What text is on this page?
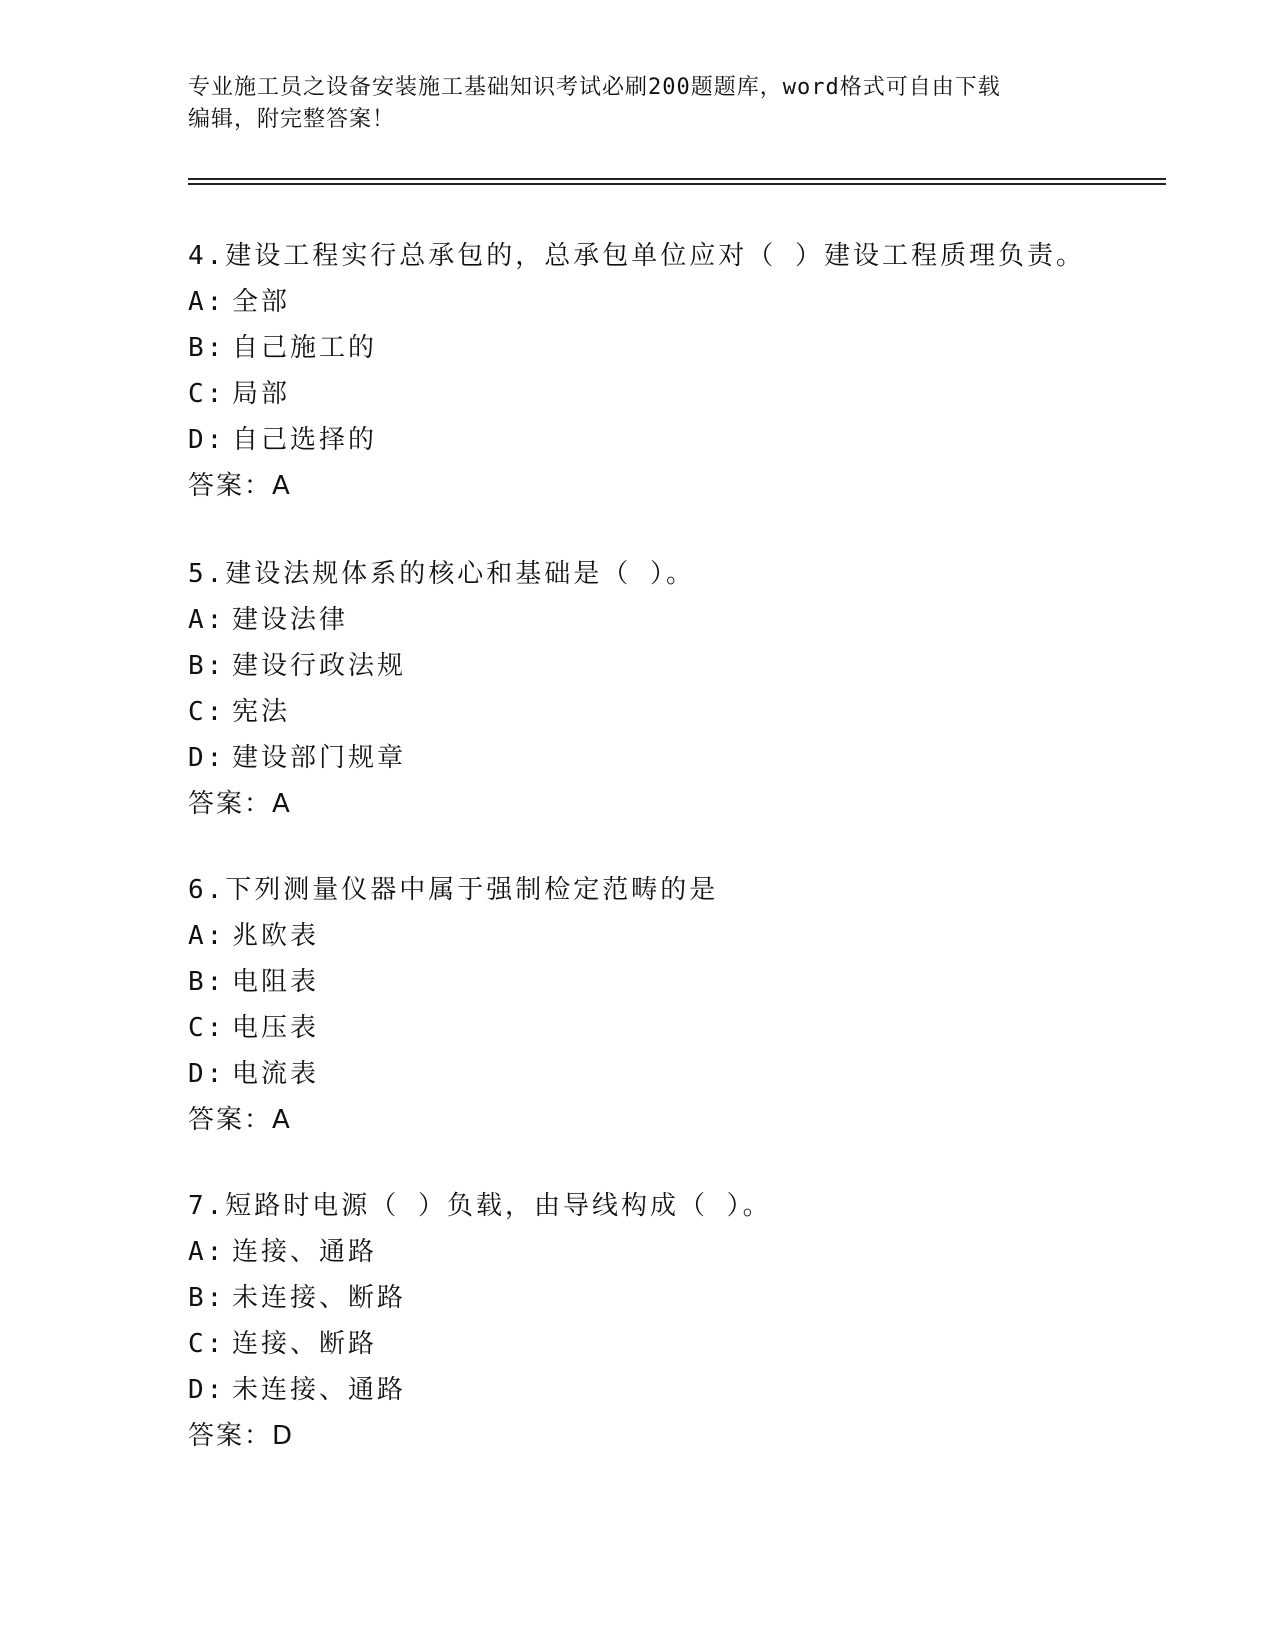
专业施工员之设备安装施工基础知识考试必刷200题题库，word格式可自由下载
编辑，附完整答案！
4.建设工程实行总承包的，总承包单位应对（ ）建设工程质理负责。
A: 全部
B: 自己施工的
C: 局部
D: 自己选择的
答案：A
5.建设法规体系的核心和基础是（ ）。
A: 建设法律
B: 建设行政法规
C: 宪法
D: 建设部门规章
答案：A
6.下列测量仪器中属于强制检定范畴的是
A: 兆欧表
B: 电阻表
C: 电压表
D: 电流表
答案：A
7.短路时电源（ ）负载，由导线构成（ ）。
A: 连接、通路
B: 未连接、断路
C: 连接、断路
D: 未连接、通路
答案：D
